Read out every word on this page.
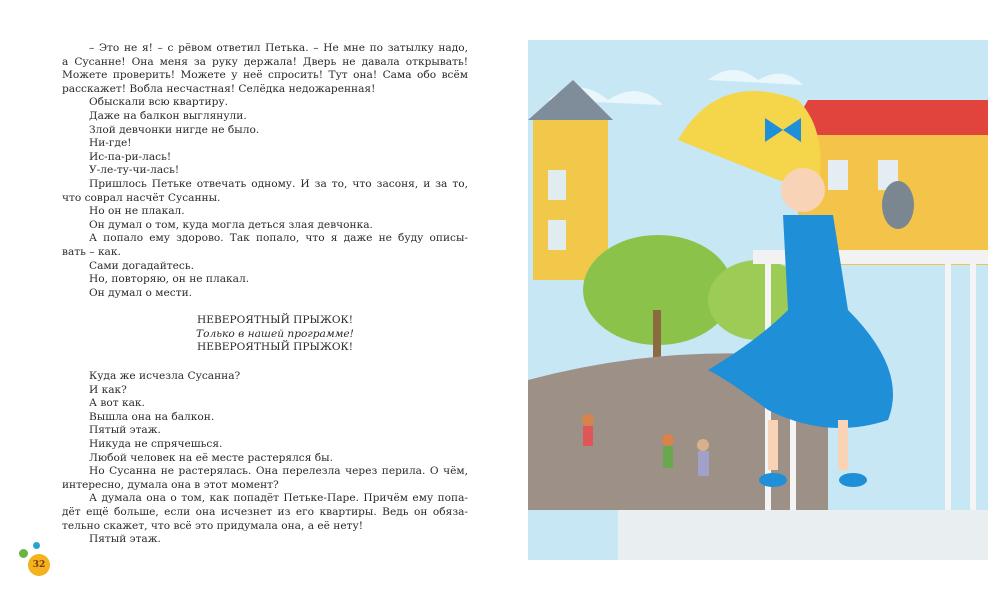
– Это не я! – с рёвом ответил Петька. – Не мне по затылку надо,
а Сусанне! Она меня за руку держала! Дверь не давала открывать!
Можете проверить! Можете у неё спросить! Тут она! Сама обо всём
расскажет! Вобла несчастная! Селёдка недожаренная!
Обыскали всю квартиру.
Даже на балкон выглянули.
Злой девчонки нигде не было.
Ни-где!
Ис-па-ри-лась!
У-ле-ту-чи-лась!
Пришлось Петьке отвечать одному. И за то, что засоня, и за то,
что соврал насчёт Сусанны.
Но он не плакал.
Он думал о том, куда могла деться злая девчонка.
А попало ему здорово. Так попало, что я даже не буду описы-
вать – как.
Сами догадайтесь.
Но, повторяю, он не плакал.
Он думал о мести.
НЕВЕРОЯТНЫЙ ПРЫЖОК!
Только в нашей программе!
НЕВЕРОЯТНЫЙ ПРЫЖОК!
Куда же исчезла Сусанна?
И как?
А вот как.
Вышла она на балкон.
Пятый этаж.
Никуда не спрячешься.
Любой человек на её месте растерялся бы.
Но Сусанна не растерялась. Она перелезла через перила. О чём,
интересно, думала она в этот момент?
А думала она о том, как попадёт Петьке-Паре. Причём ему попа-
дёт ещё больше, если она исчезнет из его квартиры. Ведь он обяза-
тельно скажет, что всё это придумала она, а её нету!
Пятый этаж.
32
